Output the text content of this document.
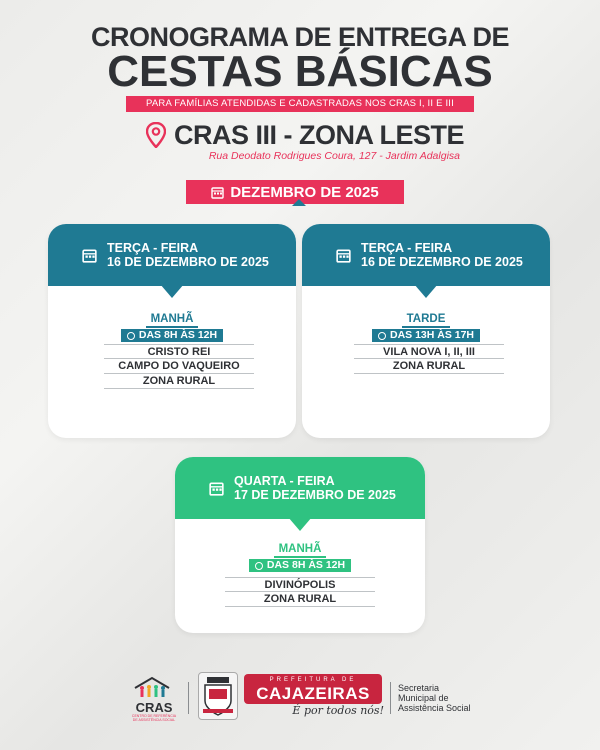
CRONOGRAMA DE ENTREGA DE
CESTAS BÁSICAS
PARA FAMÍLIAS ATENDIDAS E CADASTRADAS NOS CRAS I, II E III
CRAS III - ZONA LESTE
Rua Deodato Rodrigues Coura, 127 - Jardim Adalgisa
DEZEMBRO DE 2025
TERÇA - FEIRA
16 DE DEZEMBRO DE 2025
MANHÃ
DAS 8H ÀS 12H
CRISTO REI
CAMPO DO VAQUEIRO
ZONA RURAL
TERÇA - FEIRA
16 DE DEZEMBRO DE 2025
TARDE
DAS 13H ÀS 17H
VILA NOVA I, II, III
ZONA RURAL
QUARTA - FEIRA
17 DE DEZEMBRO DE 2025
MANHÃ
DAS 8H ÀS 12H
DIVINÓPOLIS
ZONA RURAL
CRAS
CENTRO DE REFERÊNCIA DE ASSISTÊNCIA SOCIAL
PREFEITURA DE
CAJAZEIRAS
É por todos nós!
Secretaria
Municipal de
Assistência Social
